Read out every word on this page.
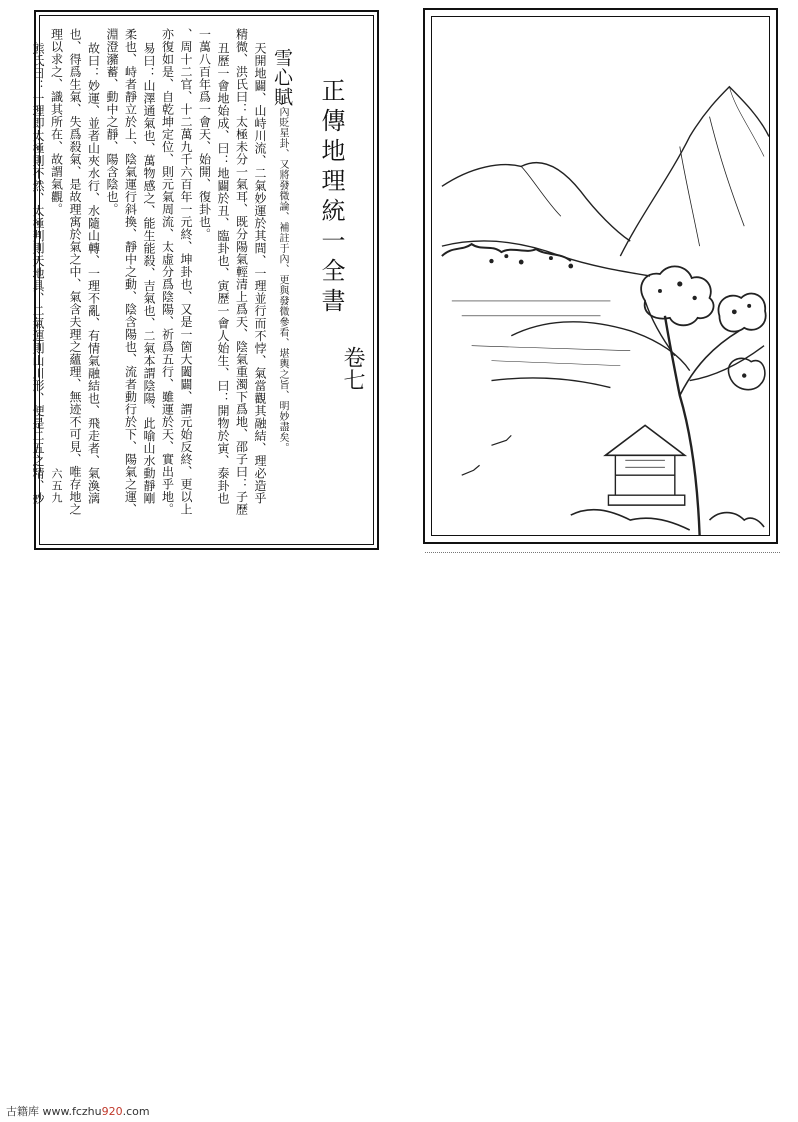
正傳地理統一全書
卷七
雪心賦內貶星卦、又將發微論、補註于內、更與發微參看、堪輿之旨、明妙盡矣。
天開地闢、山峙川流、二氣妙運於其間、一理並行而不悖、氣當觀其融結、理必造乎
精微、洪氏曰：太極未分一氣耳、既分陽氣輕清上爲天、陰氣重濁下爲地、邵子曰：子歷
丑歷一會地始成、曰：地闢於丑、臨卦也、寅歷一會人始生、曰：開物於寅、泰卦也
一萬八百年爲一會天、始開、復卦也。
、周十二官、十二萬九千六百年一元終、坤卦也、又是一箇大闔闢、謂元始反終、更以上
亦復如是、自乾坤定位、則元氣周流、太虛分爲陰陽、祈爲五行、雖運於天、實出乎地。
易曰：山澤通氣也、萬物感之、能生能殺、吉氣也、二氣本謂陰陽、此喻山水動靜剛
柔也、峙者靜立於上、陰氣運行斜換、靜中之動、陰含陽也、流者動行於下、陽氣之運、
淵澄瀦蓄、動中之靜、陽含陰也。
故曰：妙運、並者山夾水行、水隨山轉、一理不亂、有情氣融結也、飛走者、氣渙漓
也、得爲生氣、失爲殺氣、是故理寓於氣之中、氣含夫理之蘊理、無迹不可見、唯存地之
理以求之、識其所在、故謂氣觀。
熊氏曰：一理即太極則不然、太極判則天地具、二氣運則山川形、便是二五之精、妙 六五九
古籍库 www.fczhu920.com
